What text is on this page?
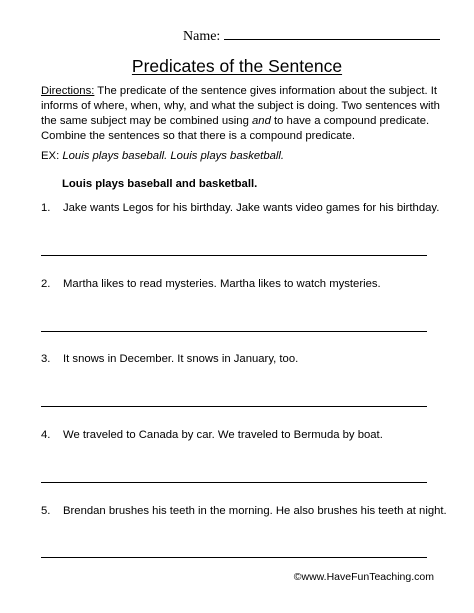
Name:
Predicates of the Sentence
Directions: The predicate of the sentence gives information about the subject. It informs of where, when, why, and what the subject is doing. Two sentences with the same subject may be combined using and to have a compound predicate. Combine the sentences so that there is a compound predicate.
EX: Louis plays baseball. Louis plays basketball.
Louis plays baseball and basketball.
1. Jake wants Legos for his birthday. Jake wants video games for his birthday.
2. Martha likes to read mysteries. Martha likes to watch mysteries.
3. It snows in December. It snows in January, too.
4. We traveled to Canada by car. We traveled to Bermuda by boat.
5. Brendan brushes his teeth in the morning. He also brushes his teeth at night.
©www.HaveFunTeaching.com
